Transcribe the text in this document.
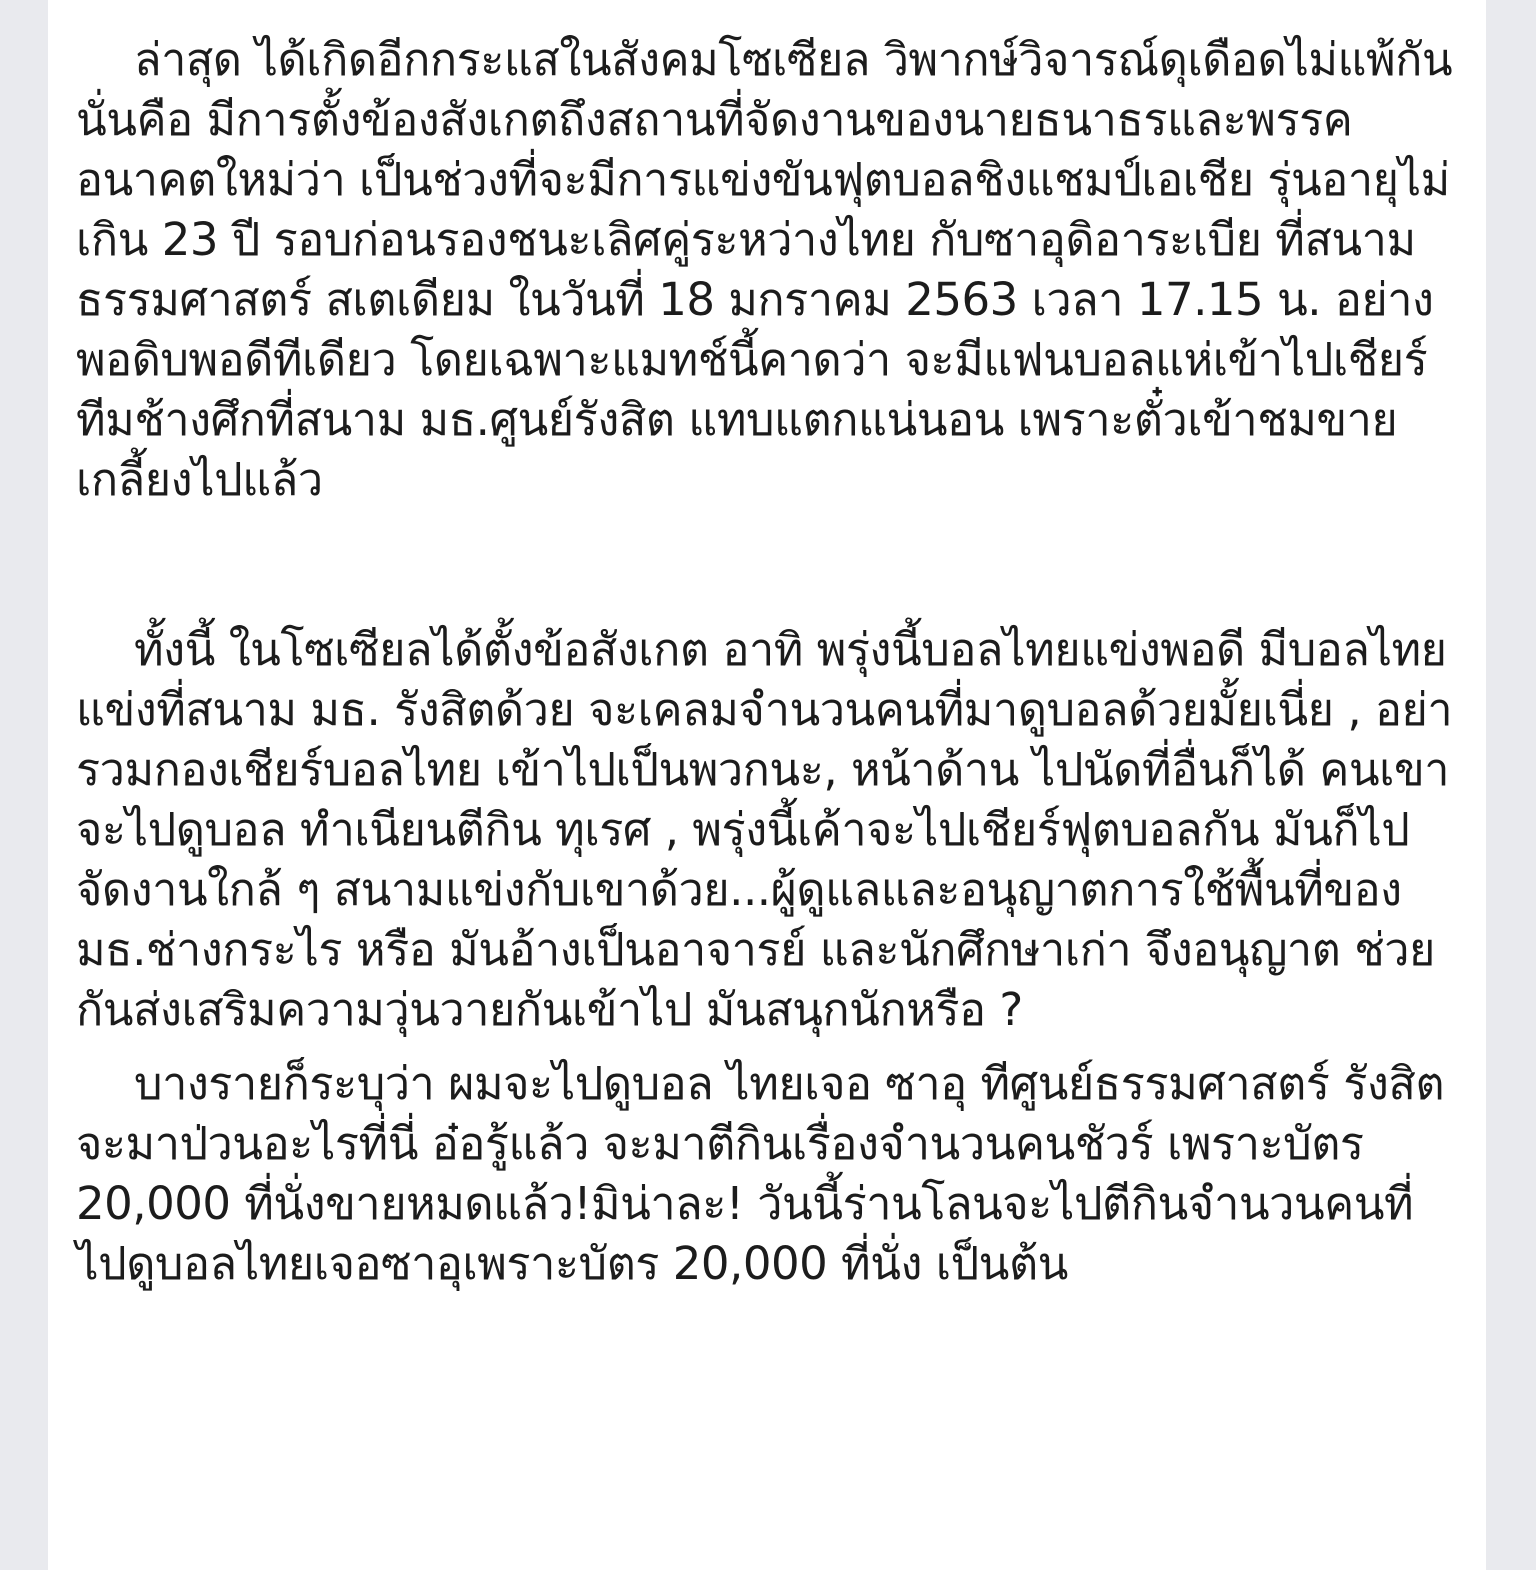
ล่าสุด ได้เกิดอีกกระแสในสังคมโซเซียล วิพากษ์วิจารณ์ดุเดือดไม่แพ้กัน นั่นคือ มีการตั้งข้องสังเกตถึงสถานที่จัดงานของนายธนาธรและพรรคอนาคตใหม่ว่า เป็นช่วงที่จะมีการแข่งขันฟุตบอลชิงแชมป์เอเชีย รุ่นอายุไม่เกิน 23 ปี รอบก่อนรองชนะเลิศคู่ระหว่างไทย กับซาอุดิอาระเบีย ที่สนามธรรมศาสตร์ สเตเดียม ในวันที่ 18 มกราคม 2563 เวลา 17.15 น. อย่างพอดิบพอดีทีเดียว โดยเฉพาะแมทช์นี้คาดว่า จะมีแฟนบอลแห่เข้าไปเชียร์ทีมช้างศึกที่สนาม มธ.ศูนย์รังสิต แทบแตกแน่นอน เพราะตั๋วเข้าชมขายเกลี้ยงไปแล้ว

ทั้งนี้ ในโซเซียลได้ตั้งข้อสังเกต อาทิ พรุ่งนี้บอลไทยแข่งพอดี มีบอลไทยแข่งที่สนาม มธ. รังสิตด้วย จะเคลมจำนวนคนที่มาดูบอลด้วยมั้ยเนี่ย , อย่ารวมกองเชียร์บอลไทย เข้าไปเป็นพวกนะ, หน้าด้าน ไปนัดที่อื่นก็ได้ คนเขาจะไปดูบอล ทำเนียนตีกิน ทุเรศ , พรุ่งนี้เค้าจะไปเชียร์ฟุตบอลกัน มันก็ไปจัดงานใกล้ ๆ สนามแข่งกับเขาด้วย...ผู้ดูแลและอนุญาตการใช้พื้นที่ของ มธ.ช่างกระไร หรือ มันอ้างเป็นอาจารย์ และนักศึกษาเก่า จึงอนุญาต ช่วยกันส่งเสริมความวุ่นวายกันเข้าไป มันสนุกนักหรือ ?

บางรายก็ระบุว่า ผมจะไปดูบอล ไทยเจอ ซาอุ ทีศูนย์ธรรมศาสตร์ รังสิต จะมาป่วนอะไรที่นี่ อ๋อรู้แล้ว จะมาตีกินเรื่องจำนวนคนชัวร์ เพราะบัตร 20,000 ที่นั่งขายหมดแล้ว!มิน่าละ! วันนี้ร่านโลนจะไปตีกินจำนวนคนที่ไปดูบอลไทยเจอซาอุเพราะบัตร 20,000 ที่นั่ง เป็นต้น
